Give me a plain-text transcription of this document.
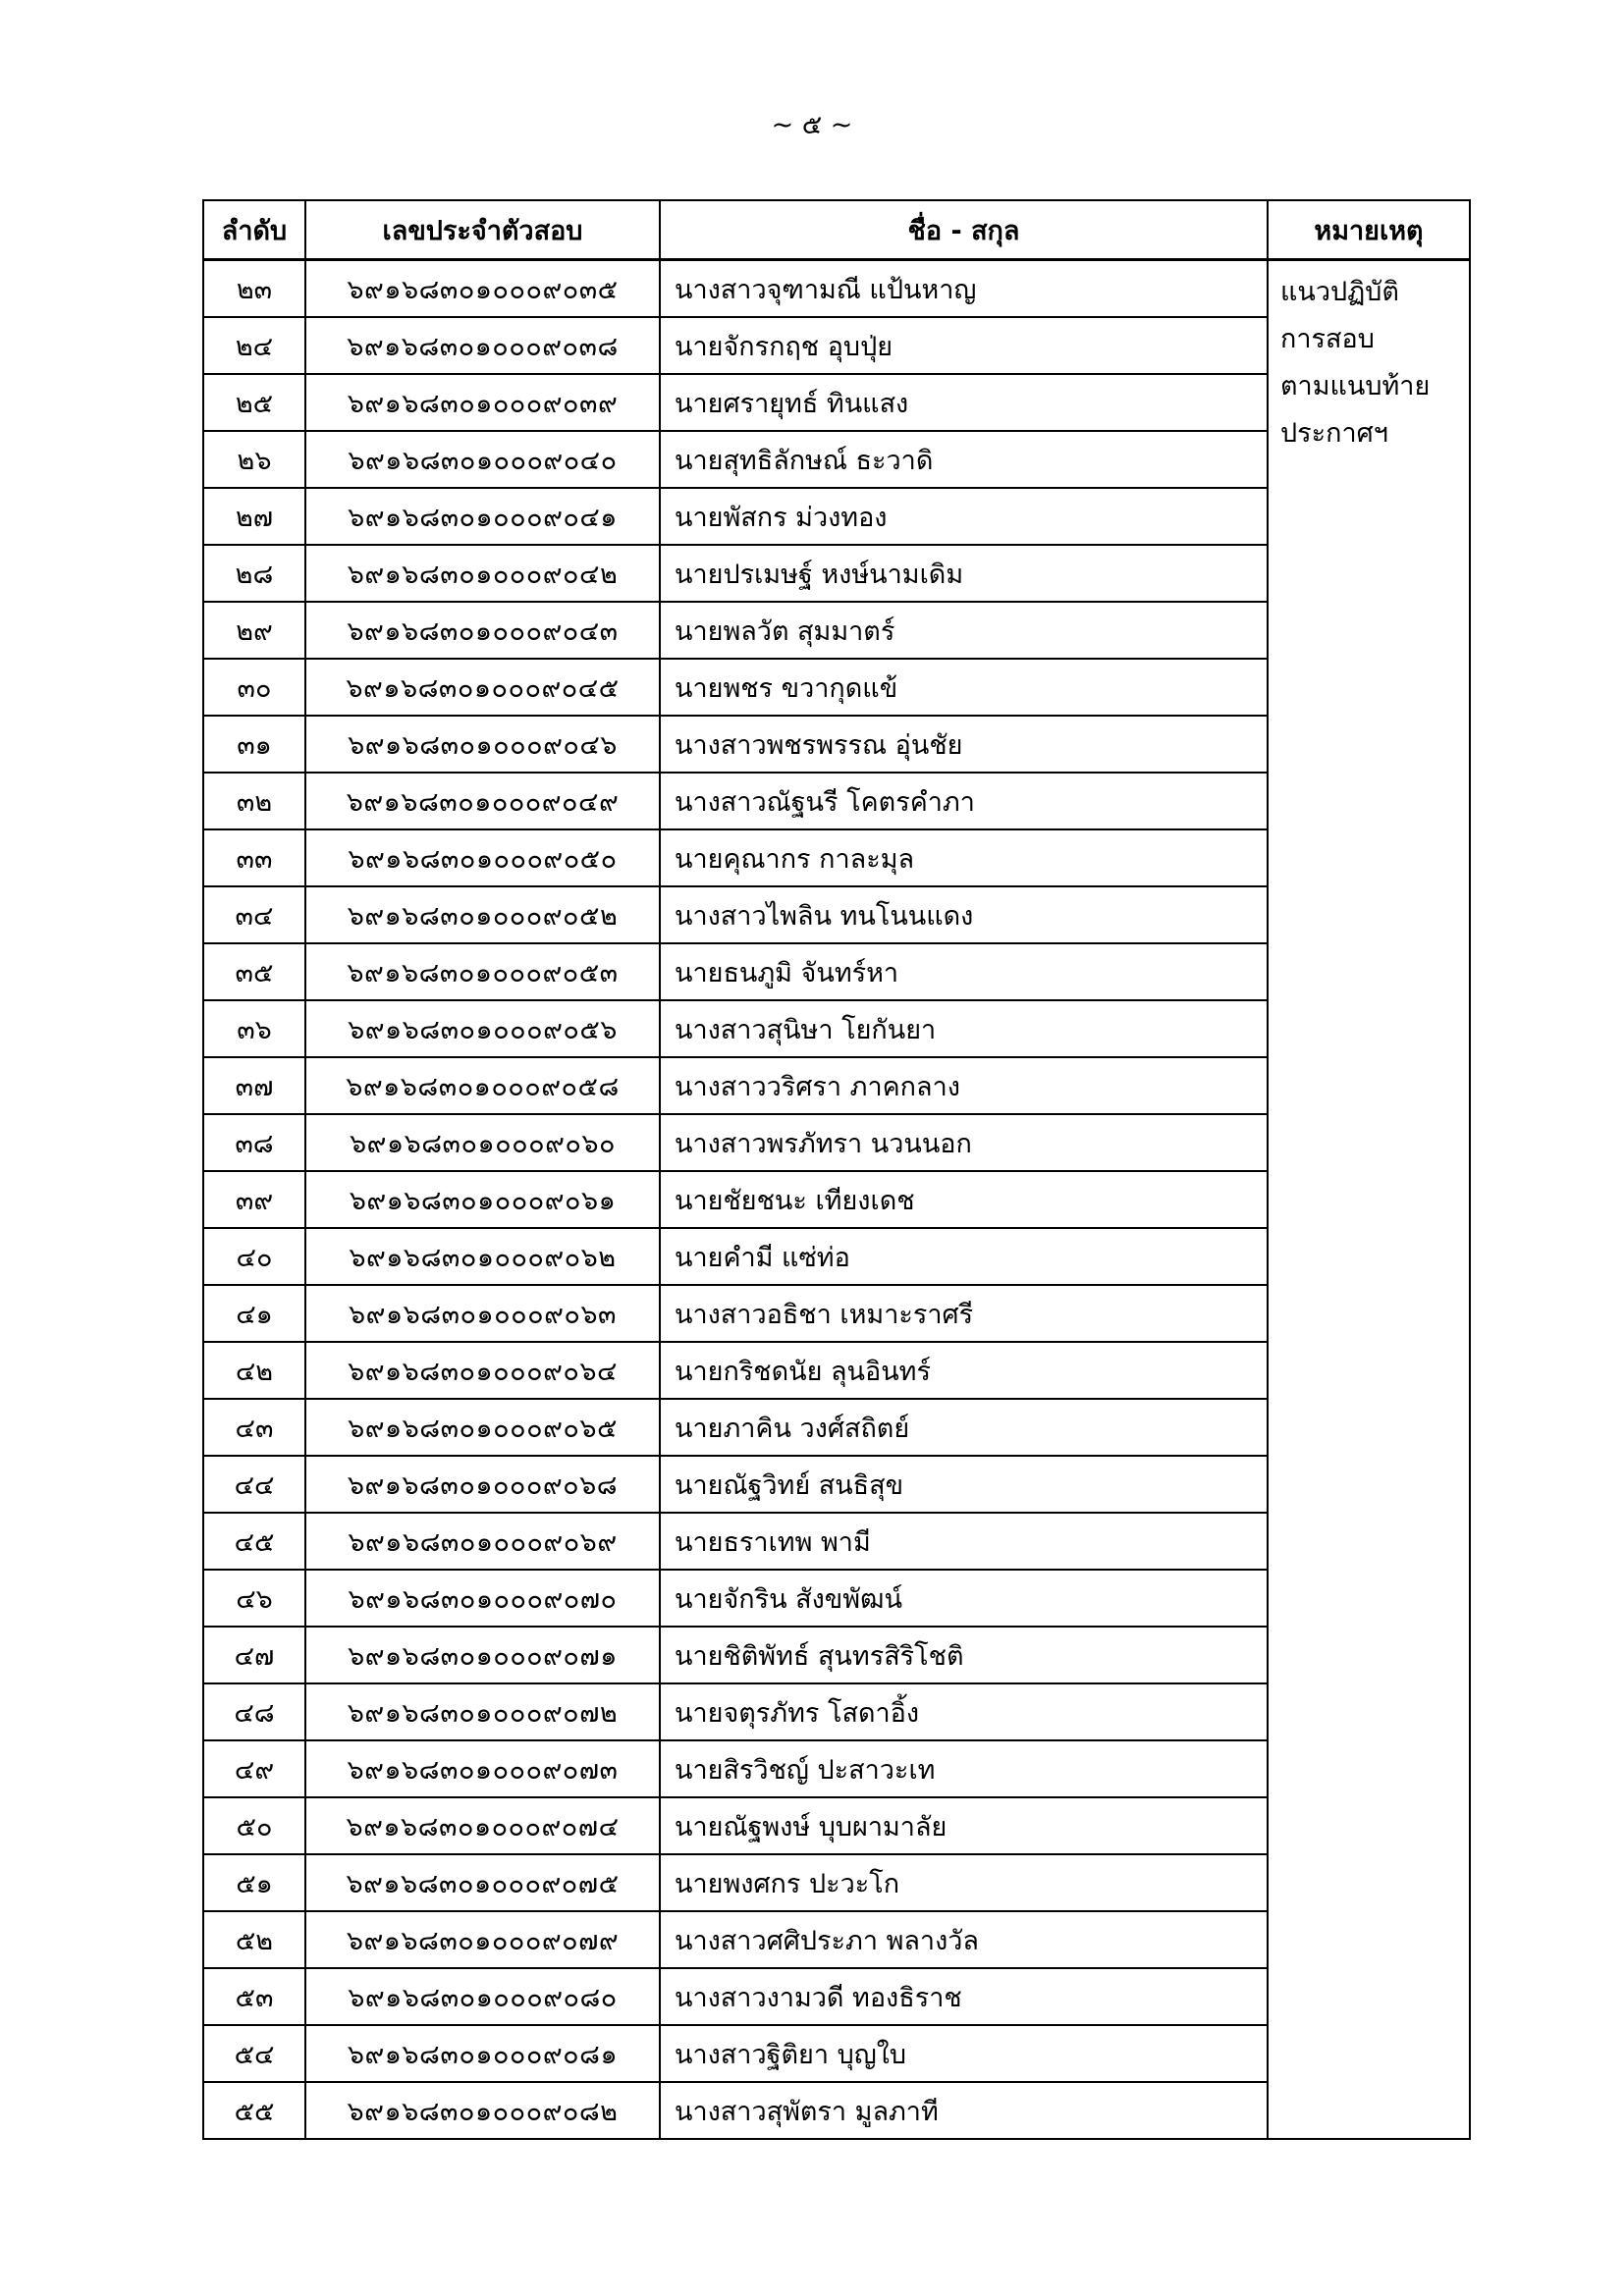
~ ๕ ~
ลำดับ	เลขประจำตัวสอบ	ชื่อ - สกุล	หมายเหตุ
๒๓	๖๙๑๖๘๓๐๑๐๐๐๙๐๓๕	นางสาวจุฑามณี แป้นหาญ	แนวปฏิบัติ
การสอบ
ตามแนบท้าย
ประกาศฯ

๒๔	๖๙๑๖๘๓๐๑๐๐๐๙๐๓๘	นายจักรกฤช อุบปุ่ย	
๒๕	๖๙๑๖๘๓๐๑๐๐๐๙๐๓๙	นายศรายุทธ์ ทินแสง	
๒๖	๖๙๑๖๘๓๐๑๐๐๐๙๐๔๐	นายสุทธิลักษณ์ ธะวาดิ	
๒๗	๖๙๑๖๘๓๐๑๐๐๐๙๐๔๑	นายพัสกร ม่วงทอง	
๒๘	๖๙๑๖๘๓๐๑๐๐๐๙๐๔๒	นายปรเมษฐ์ หงษ์นามเดิม	
๒๙	๖๙๑๖๘๓๐๑๐๐๐๙๐๔๓	นายพลวัต สุมมาตร์	
๓๐	๖๙๑๖๘๓๐๑๐๐๐๙๐๔๕	นายพชร ขวากุดแข้	
๓๑	๖๙๑๖๘๓๐๑๐๐๐๙๐๔๖	นางสาวพชรพรรณ อุ่นชัย	
๓๒	๖๙๑๖๘๓๐๑๐๐๐๙๐๔๙	นางสาวณัฐนรี โคตรคำภา	
๓๓	๖๙๑๖๘๓๐๑๐๐๐๙๐๕๐	นายคุณากร กาละมุล	
๓๔	๖๙๑๖๘๓๐๑๐๐๐๙๐๕๒	นางสาวไพลิน ทนโนนแดง	
๓๕	๖๙๑๖๘๓๐๑๐๐๐๙๐๕๓	นายธนภูมิ จันทร์หา	
๓๖	๖๙๑๖๘๓๐๑๐๐๐๙๐๕๖	นางสาวสุนิษา โยกันยา	
๓๗	๖๙๑๖๘๓๐๑๐๐๐๙๐๕๘	นางสาววริศรา ภาคกลาง	
๓๘	๖๙๑๖๘๓๐๑๐๐๐๙๐๖๐	นางสาวพรภัทรา นวนนอก	
๓๙	๖๙๑๖๘๓๐๑๐๐๐๙๐๖๑	นายชัยชนะ เทียงเดช	
๔๐	๖๙๑๖๘๓๐๑๐๐๐๙๐๖๒	นายคำมี แซ่ท่อ	
๔๑	๖๙๑๖๘๓๐๑๐๐๐๙๐๖๓	นางสาวอธิชา เหมาะราศรี	
๔๒	๖๙๑๖๘๓๐๑๐๐๐๙๐๖๔	นายกริชดนัย ลุนอินทร์	
๔๓	๖๙๑๖๘๓๐๑๐๐๐๙๐๖๕	นายภาคิน วงศ์สถิตย์	
๔๔	๖๙๑๖๘๓๐๑๐๐๐๙๐๖๘	นายณัฐวิทย์ สนธิสุข	
๔๕	๖๙๑๖๘๓๐๑๐๐๐๙๐๖๙	นายธราเทพ พามี	
๔๖	๖๙๑๖๘๓๐๑๐๐๐๙๐๗๐	นายจักริน สังขพัฒน์	
๔๗	๖๙๑๖๘๓๐๑๐๐๐๙๐๗๑	นายชิติพัทธ์ สุนทรสิริโชติ	
๔๘	๖๙๑๖๘๓๐๑๐๐๐๙๐๗๒	นายจตุรภัทร โสดาอิ้ง	
๔๙	๖๙๑๖๘๓๐๑๐๐๐๙๐๗๓	นายสิรวิชญ์ ปะสาวะเท	
๕๐	๖๙๑๖๘๓๐๑๐๐๐๙๐๗๔	นายณัฐพงษ์ บุบผามาลัย	
๕๑	๖๙๑๖๘๓๐๑๐๐๐๙๐๗๕	นายพงศกร ปะวะโก	
๕๒	๖๙๑๖๘๓๐๑๐๐๐๙๐๗๙	นางสาวศศิประภา พลางวัล	
๕๓	๖๙๑๖๘๓๐๑๐๐๐๙๐๘๐	นางสาวงามวดี ทองธิราช	
๕๔	๖๙๑๖๘๓๐๑๐๐๐๙๐๘๑	นางสาวฐิติยา บุญใบ	
๕๕	๖๙๑๖๘๓๐๑๐๐๐๙๐๘๒	นางสาวสุพัตรา มูลภาที	
